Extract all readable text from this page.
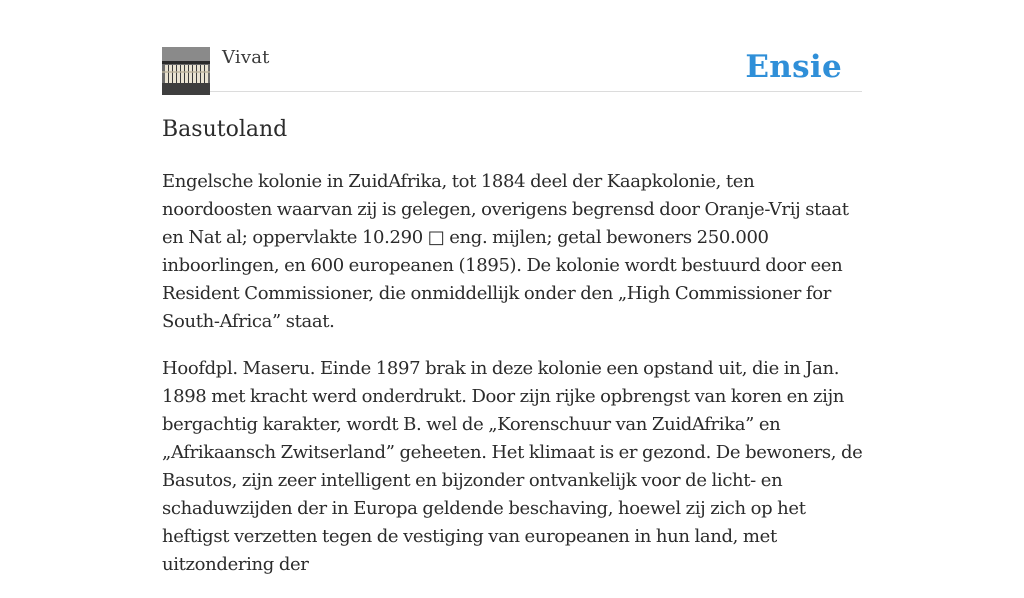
Vivat	Ensie
Basutoland

Engelsche kolonie in ZuidAfrika, tot 1884 deel der Kaapkolonie, ten noordoosten waarvan zij is gelegen, overigens begrensd door Oranje-Vrij staat en Nat al; oppervlakte 10.290 □ eng. mijlen; getal bewoners 250.000 inboorlingen, en 600 europeanen (1895). De kolonie wordt bestuurd door een Resident Commissioner, die onmiddellijk onder den „High Commissioner for South-Africa” staat.

Hoofdpl. Maseru. Einde 1897 brak in deze kolonie een opstand uit, die in Jan. 1898 met kracht werd onderdrukt. Door zijn rijke opbrengst van koren en zijn bergachtig karakter, wordt B. wel de „Korenschuur van ZuidAfrika” en „Afrikaansch Zwitserland” geheeten. Het klimaat is er gezond. De bewoners, de Basutos, zijn zeer intelligent en bijzonder ontvankelijk voor de licht- en schaduwzijden der in Europa geldende beschaving, hoewel zij zich op het heftigst verzetten tegen de vestiging van europeanen in hun land, met uitzondering der
